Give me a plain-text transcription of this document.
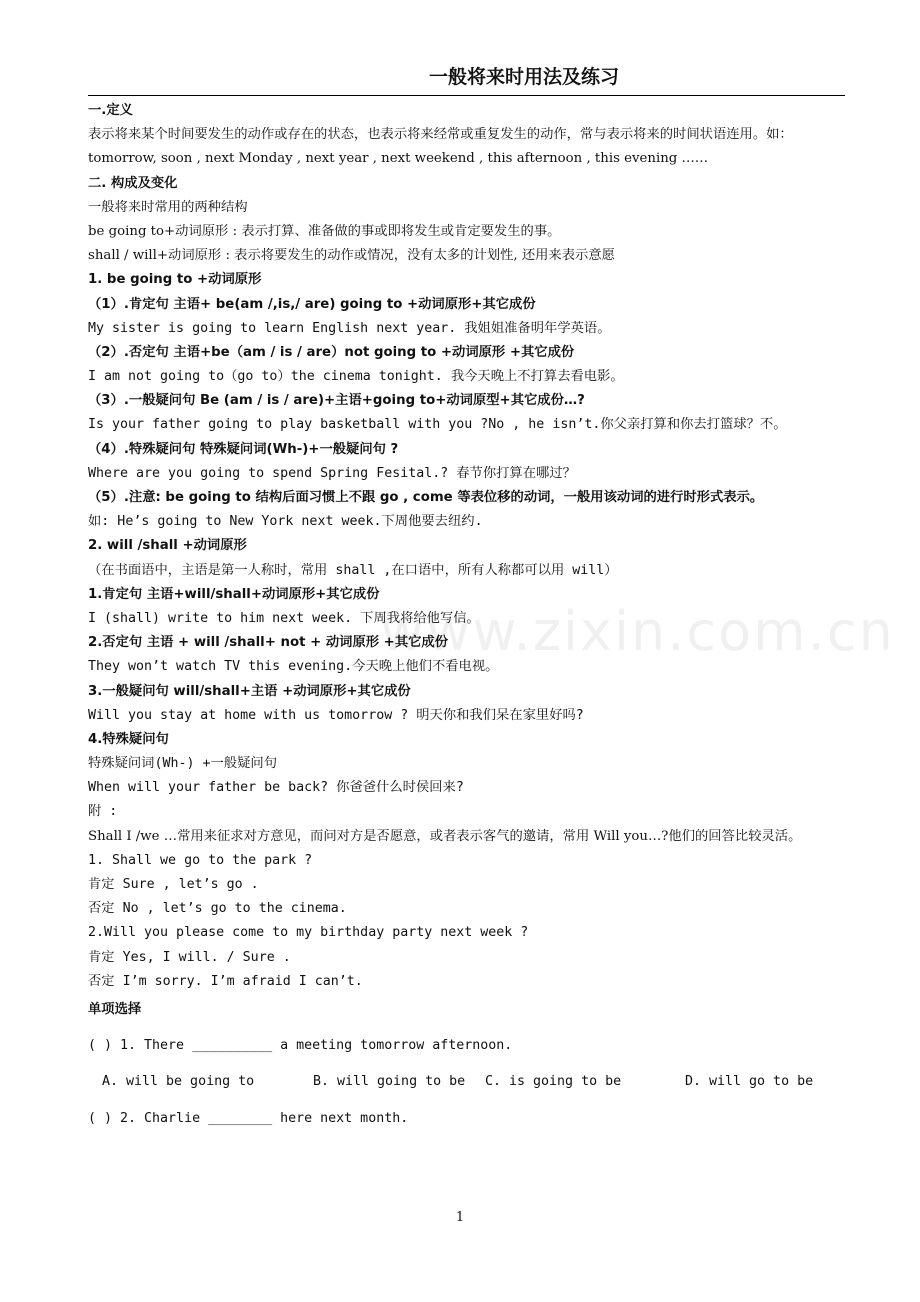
一般将来时用法及练习
一.定义
表示将来某个时间要发生的动作或存在的状态，也表示将来经常或重复发生的动作，常与表示将来的时间状语连用。如：tomorrow, soon , next Monday , next year , next weekend , this afternoon , this evening ……
二. 构成及变化
一般将来时常用的两种结构
be going to+动词原形 : 表示打算、准备做的事或即将发生或肯定要发生的事。
shall / will+动词原形 : 表示将要发生的动作或情况，没有太多的计划性, 还用来表示意愿
1. be going to +动词原形
（1）.肯定句 主语+ be(am /,is,/ are) going to +动词原形+其它成份
My sister is going to learn English next year. 我姐姐准备明年学英语。
（2）.否定句 主语+be（am / is / are）not going to +动词原形 +其它成份
I am not going to（go to）the cinema tonight. 我今天晚上不打算去看电影。
（3）.一般疑问句 Be (am / is / are)+主语+going to+动词原型+其它成份…?
Is your father going to play basketball with you ?No , he isn’t.你父亲打算和你去打篮球？不。
（4）.特殊疑问句 特殊疑问词(Wh-)+一般疑问句 ?
Where are you going to spend Spring Fesital.? 春节你打算在哪过？
（5）.注意: be going to 结构后面习惯上不跟 go , come 等表位移的动词，一般用该动词的进行时形式表示。
如: He’s going to New York next week.下周他要去纽约.
2. will /shall +动词原形
（在书面语中，主语是第一人称时，常用 shall ,在口语中，所有人称都可以用 will）
1.肯定句 主语+will/shall+动词原形+其它成份
I (shall) write to him next week. 下周我将给他写信。
2.否定句 主语 + will /shall+ not + 动词原形 +其它成份
They won’t watch TV this evening.今天晚上他们不看电视。
3.一般疑问句 will/shall+主语 +动词原形+其它成份
Will you stay at home with us tomorrow ? 明天你和我们呆在家里好吗?
4.特殊疑问句
特殊疑问词(Wh-) +一般疑问句
When will your father be back? 你爸爸什么时侯回来?
附 :
Shall I /we …常用来征求对方意见，而问对方是否愿意，或者表示客气的邀请，常用 Will you…?他们的回答比较灵活。
1. Shall we go to the park ?
肯定 Sure , let’s go .
否定 No , let’s go to the cinema.
2.Will you please come to my birthday party next week ?
肯定 Yes, I will. / Sure .
否定 I’m sorry. I’m afraid I can’t.
单项选择
( ) 1. There __________ a meeting tomorrow afternoon.
A. will be going to	B. will going to be	C. is going to be	D. will go to be
( ) 2. Charlie ________ here next month.
www.zixin.com.cn
1
